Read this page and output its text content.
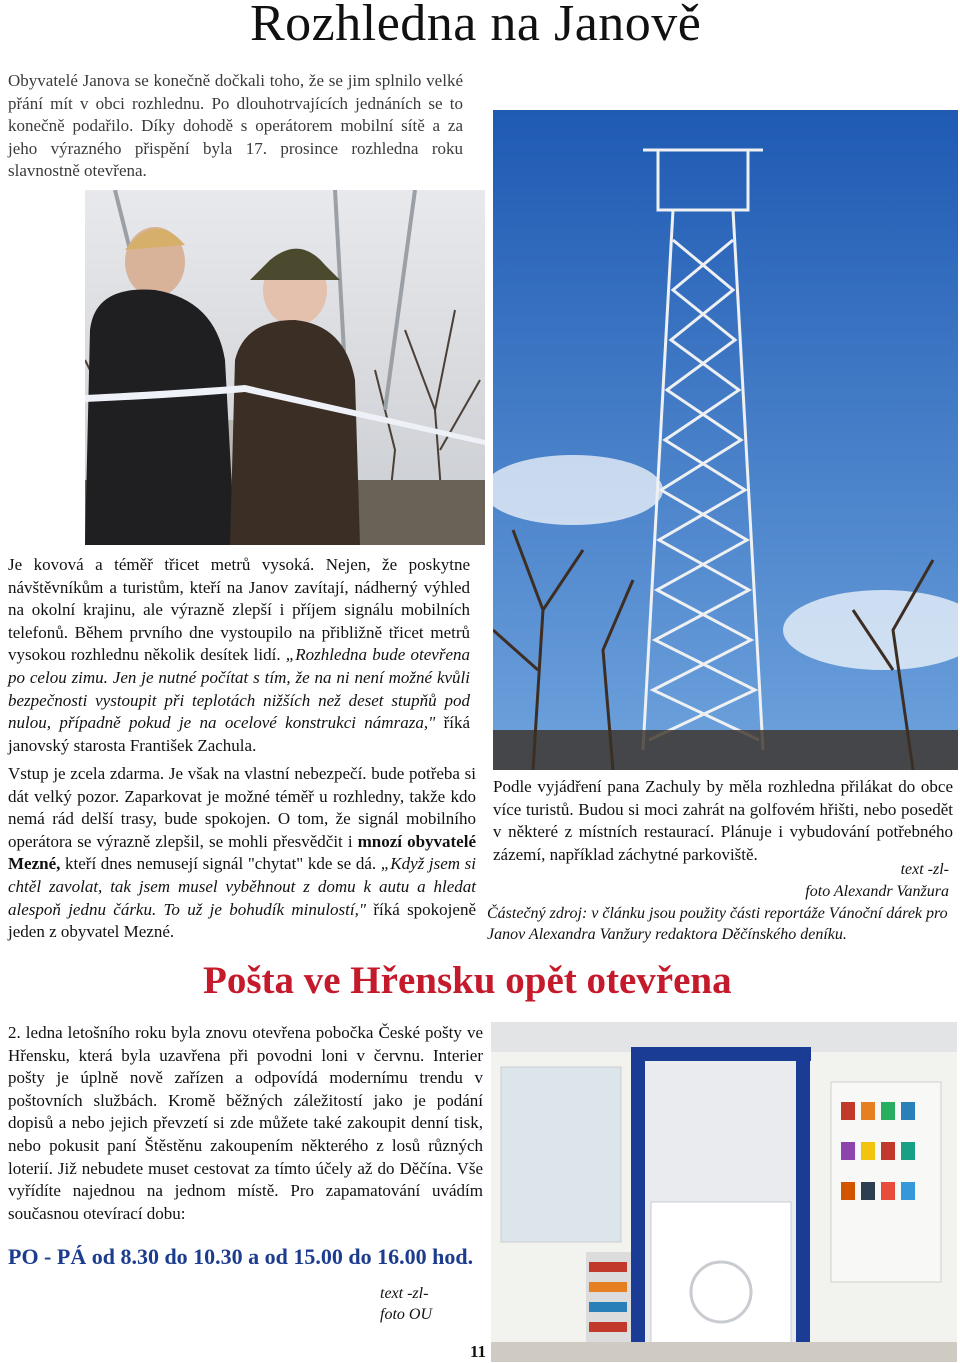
Rozhledna na Janově

Obyvatelé Janova se konečně dočkali toho, že se jim splnilo velké přání mít v obci rozhlednu. Po dlouhotrvajících jednáních se to konečně podařilo. Díky dohodě s operátorem mobilní sítě a za jeho výrazného přispění byla 17. prosince rozhledna roku slavnostně otevřena.

Je kovová a téměř třicet metrů vysoká. Nejen, že poskytne návštěvníkům a turistům, kteří na Janov zavítají, nádherný výhled na okolní krajinu, ale výrazně zlepší i příjem signálu mobilních telefonů. Během prvního dne vystoupilo na přibližně třicet metrů vysokou rozhlednu několik desítek lidí. „Rozhledna bude otevřena po celou zimu. Jen je nutné počítat s tím, že na ni není možné kvůli bezpečnosti vystoupit při teplotách nižších než deset stupňů pod nulou, případně pokud je na ocelové konstrukci námraza," říká janovský starosta František Zachula.

Vstup je zcela zdarma. Je však na vlastní nebezpečí. bude potřeba si dát velký pozor. Zaparkovat je možné téměř u rozhledny, takže kdo nemá rád delší trasy, bude spokojen. O tom, že signál mobilního operátora se výrazně zlepšil, se mohli přesvědčit i mnozí obyvatelé Mezné, kteří dnes nemusejí signál "chytat" kde se dá. „Když jsem si chtěl zavolat, tak jsem musel vyběhnout z domu k autu a hledat alespoň jednu čárku. To už je bohudík minulostí," říká spokojeně jeden z obyvatel Mezné.

Podle vyjádření pana Zachuly by měla rozhledna přilákat do obce více turistů. Budou si moci zahrát na golfovém hřišti, nebo posedět v některé z místních restaurací. Plánuje i vybudování potřebného zázemí, například záchytné parkoviště.

text -zl-
foto Alexandr Vanžura
Částečný zdroj: v článku jsou použity části reportáže Vánoční dárek pro Janov Alexandra Vanžury redaktora Děčínského deníku.
Pošta ve Hřensku opět otevřena

2. ledna letošního roku byla znovu otevřena pobočka České pošty ve Hřensku, která byla uzavřena při povodni loni v červnu. Interier pošty je úplně nově zařízen a odpovídá modernímu trendu v poštovních službách. Kromě běžných záležitostí jako je podání dopisů a nebo jejich převzetí si zde můžete také zakoupit denní tisk, nebo pokusit paní Štěstěnu zakoupením některého z losů různých loterií. Již nebudete muset cestovat za tímto účely až do Děčína. Vše vyřídíte najednou na jednom místě. Pro zapamatování uvádím současnou otevírací dobu:

PO - PÁ od 8.30 do 10.30 a od 15.00 do 16.00 hod.
text -zl-
foto OU
11
